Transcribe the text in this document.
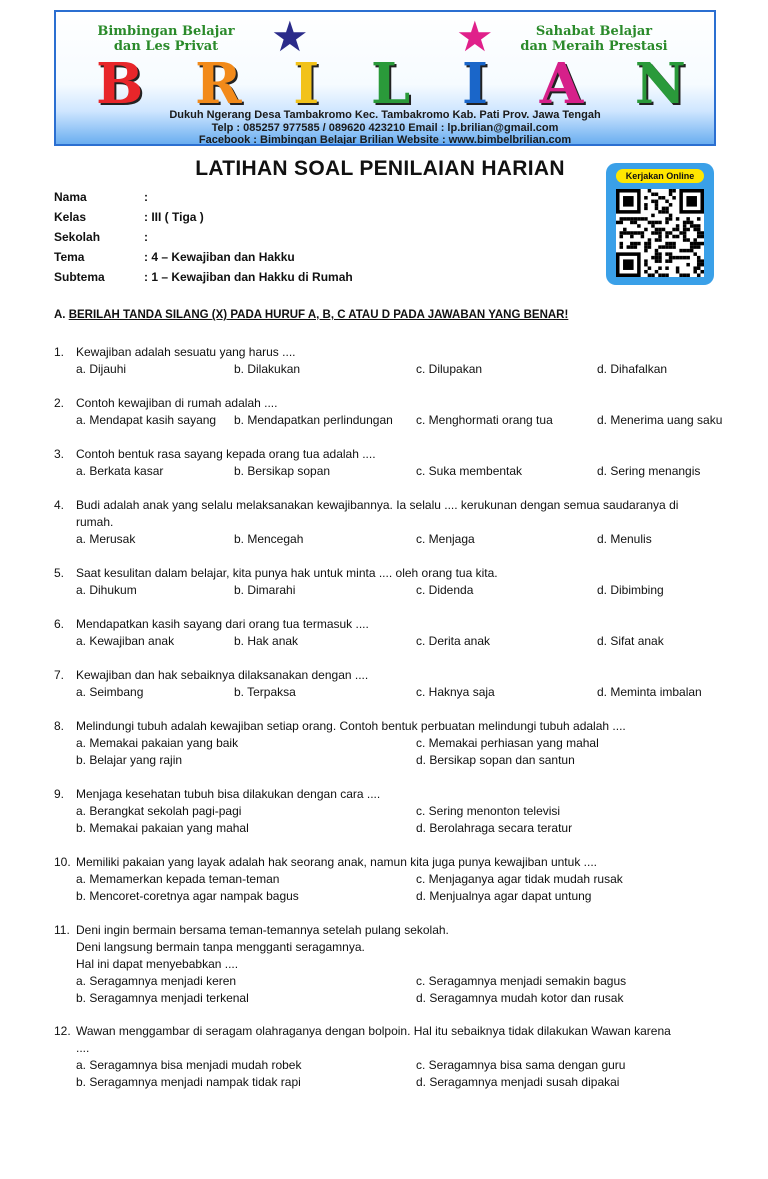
Bimbingan Belajar
dan Les Privat
Sahabat Belajar
dan Meraih Prestasi
★	★
B R I L I A N
Dukuh Ngerang Desa Tambakromo Kec. Tambakromo Kab. Pati Prov. Jawa Tengah
Telp : 085257 977585 / 089620 423210 Email : lp.brilian@gmail.com
Facebook : Bimbingan Belajar Brilian Website : www.bimbelbrilian.com
LATIHAN SOAL PENILAIAN HARIAN	Kerjakan Online
Nama	:
Kelas	: III ( Tiga )
Sekolah	:
Tema	: 4 – Kewajiban dan Hakku
Subtema	: 1 – Kewajiban dan Hakku di Rumah
A. BERILAH TANDA SILANG (X) PADA HURUF A, B, C ATAU D PADA JAWABAN YANG BENAR!
1. Kewajiban adalah sesuatu yang harus ....
a. Dijauhi	b. Dilakukan	c. Dilupakan	d. Dihafalkan
2. Contoh kewajiban di rumah adalah ....
a. Mendapat kasih sayang b. Mendapatkan perlindungan c. Menghormati orang tua	d. Menerima uang saku
3. Contoh bentuk rasa sayang kepada orang tua adalah ....
a. Berkata kasar	b. Bersikap sopan	c. Suka membentak	d. Sering menangis
4. Budi adalah anak yang selalu melaksanakan kewajibannya. Ia selalu .... kerukunan dengan semua saudaranya di
rumah.
a. Merusak	b. Mencegah	c. Menjaga	d. Menulis
5. Saat kesulitan dalam belajar, kita punya hak untuk minta .... oleh orang tua kita.
a. Dihukum	b. Dimarahi	c. Didenda	d. Dibimbing
6. Mendapatkan kasih sayang dari orang tua termasuk ....
a. Kewajiban anak	b. Hak anak	c. Derita anak	d. Sifat anak
7. Kewajiban dan hak sebaiknya dilaksanakan dengan ....
a. Seimbang	b. Terpaksa	c. Haknya saja	d. Meminta imbalan
8. Melindungi tubuh adalah kewajiban setiap orang. Contoh bentuk perbuatan melindungi tubuh adalah ....
a. Memakai pakaian yang baik	c. Memakai perhiasan yang mahal
b. Belajar yang rajin	d. Bersikap sopan dan santun
9. Menjaga kesehatan tubuh bisa dilakukan dengan cara ....
a. Berangkat sekolah pagi-pagi	c. Sering menonton televisi
b. Memakai pakaian yang mahal	d. Berolahraga secara teratur
10. Memiliki pakaian yang layak adalah hak seorang anak, namun kita juga punya kewajiban untuk ....
a. Memamerkan kepada teman-teman	c. Menjaganya agar tidak mudah rusak
b. Mencoret-coretnya agar nampak bagus	d. Menjualnya agar dapat untung
11. Deni ingin bermain bersama teman-temannya setelah pulang sekolah.
Deni langsung bermain tanpa mengganti seragamnya.
Hal ini dapat menyebabkan ....
a. Seragamnya menjadi keren	c. Seragamnya menjadi semakin bagus
b. Seragamnya menjadi terkenal	d. Seragamnya mudah kotor dan rusak
12. Wawan menggambar di seragam olahraganya dengan bolpoin. Hal itu sebaiknya tidak dilakukan Wawan karena
....
a. Seragamnya bisa menjadi mudah robek	c. Seragamnya bisa sama dengan guru
b. Seragamnya menjadi nampak tidak rapi	d. Seragamnya menjadi susah dipakai
